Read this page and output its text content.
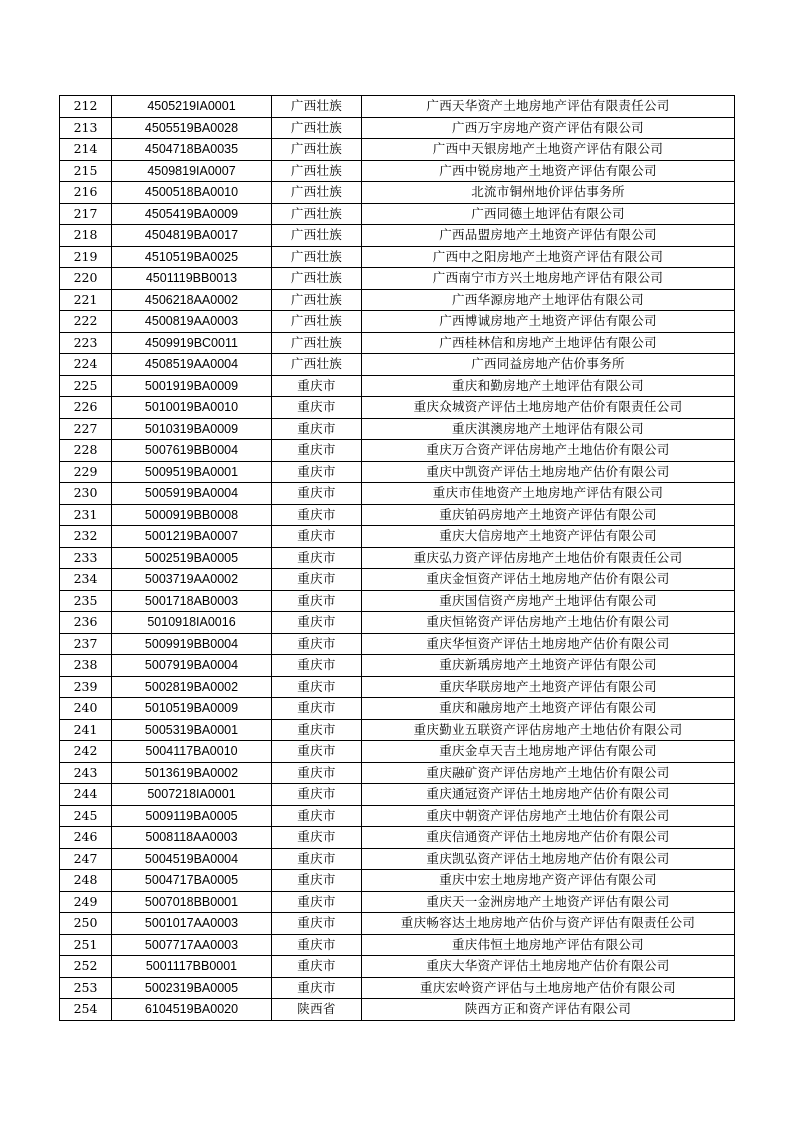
212	4505219IA0001	广西壮族	广西天华资产土地房地产评估有限责任公司
213	4505519BA0028	广西壮族	广西万宇房地产资产评估有限公司
214	4504718BA0035	广西壮族	广西中天银房地产土地资产评估有限公司
215	4509819IA0007	广西壮族	广西中锐房地产土地资产评估有限公司
216	4500518BA0010	广西壮族	北流市铜州地价评估事务所
217	4505419BA0009	广西壮族	广西同德土地评估有限公司
218	4504819BA0017	广西壮族	广西品盟房地产土地资产评估有限公司
219	4510519BA0025	广西壮族	广西中之阳房地产土地资产评估有限公司
220	4501119BB0013	广西壮族	广西南宁市方兴土地房地产评估有限公司
221	4506218AA0002	广西壮族	广西华源房地产土地评估有限公司
222	4500819AA0003	广西壮族	广西博诚房地产土地资产评估有限公司
223	4509919BC0011	广西壮族	广西桂林信和房地产土地评估有限公司
224	4508519AA0004	广西壮族	广西同益房地产估价事务所
225	5001919BA0009	重庆市	重庆和勤房地产土地评估有限公司
226	5010019BA0010	重庆市	重庆众城资产评估土地房地产估价有限责任公司
227	5010319BA0009	重庆市	重庆淇澳房地产土地评估有限公司
228	5007619BB0004	重庆市	重庆万合资产评估房地产土地估价有限公司
229	5009519BA0001	重庆市	重庆中凯资产评估土地房地产估价有限公司
230	5005919BA0004	重庆市	重庆市佳地资产土地房地产评估有限公司
231	5000919BB0008	重庆市	重庆铂码房地产土地资产评估有限公司
232	5001219BA0007	重庆市	重庆大信房地产土地资产评估有限公司
233	5002519BA0005	重庆市	重庆弘力资产评估房地产土地估价有限责任公司
234	5003719AA0002	重庆市	重庆金恒资产评估土地房地产估价有限公司
235	5001718AB0003	重庆市	重庆国信资产房地产土地评估有限公司
236	5010918IA0016	重庆市	重庆恒铭资产评估房地产土地估价有限公司
237	5009919BB0004	重庆市	重庆华恒资产评估土地房地产估价有限公司
238	5007919BA0004	重庆市	重庆新瑀房地产土地资产评估有限公司
239	5002819BA0002	重庆市	重庆华联房地产土地资产评估有限公司
240	5010519BA0009	重庆市	重庆和融房地产土地资产评估有限公司
241	5005319BA0001	重庆市	重庆勤业五联资产评估房地产土地估价有限公司
242	5004117BA0010	重庆市	重庆金卓天吉土地房地产评估有限公司
243	5013619BA0002	重庆市	重庆融矿资产评估房地产土地估价有限公司
244	5007218IA0001	重庆市	重庆通冠资产评估土地房地产估价有限公司
245	5009119BA0005	重庆市	重庆中朝资产评估房地产土地估价有限公司
246	5008118AA0003	重庆市	重庆信通资产评估土地房地产估价有限公司
247	5004519BA0004	重庆市	重庆凯弘资产评估土地房地产估价有限公司
248	5004717BA0005	重庆市	重庆中宏土地房地产资产评估有限公司
249	5007018BB0001	重庆市	重庆天一金洲房地产土地资产评估有限公司
250	5001017AA0003	重庆市	重庆畅容达土地房地产估价与资产评估有限责任公司
251	5007717AA0003	重庆市	重庆伟恒土地房地产评估有限公司
252	5001117BB0001	重庆市	重庆大华资产评估土地房地产估价有限公司
253	5002319BA0005	重庆市	重庆宏岭资产评估与土地房地产估价有限公司
254	6104519BA0020	陕西省	陕西方正和资产评估有限公司
